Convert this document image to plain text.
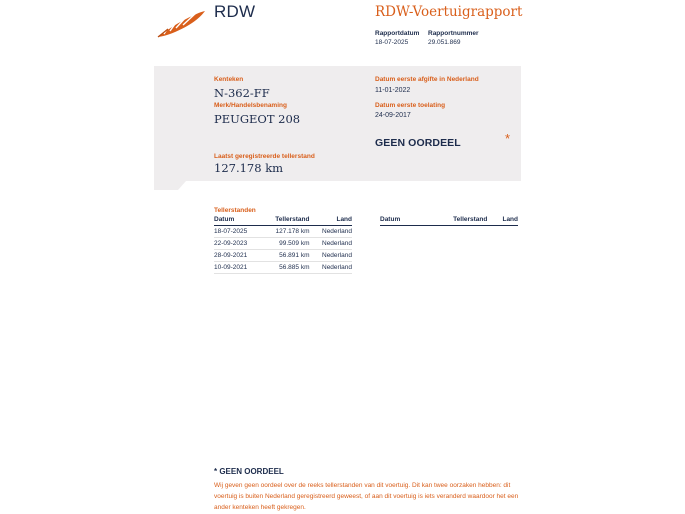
RDW	RDW-Voertuigrapport
Rapportdatum
18-07-2025
Rapportnummer
29.051.869
Kenteken
N-362-FF
Merk/Handelsbenaming
PEUGEOT 208
Laatst geregistreerde tellerstand
127.178 km
Datum eerste afgifte in Nederland
11-01-2022
Datum eerste toelating
24-09-2017
GEEN OORDEEL	*
Tellerstanden
Datum	Tellerstand	Land
18-07-2025	127.178 km	Nederland
22-09-2023	99.509 km	Nederland
28-09-2021	56.891 km	Nederland
10-09-2021	56.885 km	Nederland
Datum	Tellerstand	Land
* GEEN OORDEEL
Wij geven geen oordeel over de reeks tellerstanden van dit voertuig. Dit kan twee oorzaken hebben: dit voertuig is buiten Nederland geregistreerd geweest, of aan dit voertuig is iets veranderd waardoor het een ander kenteken heeft gekregen.
